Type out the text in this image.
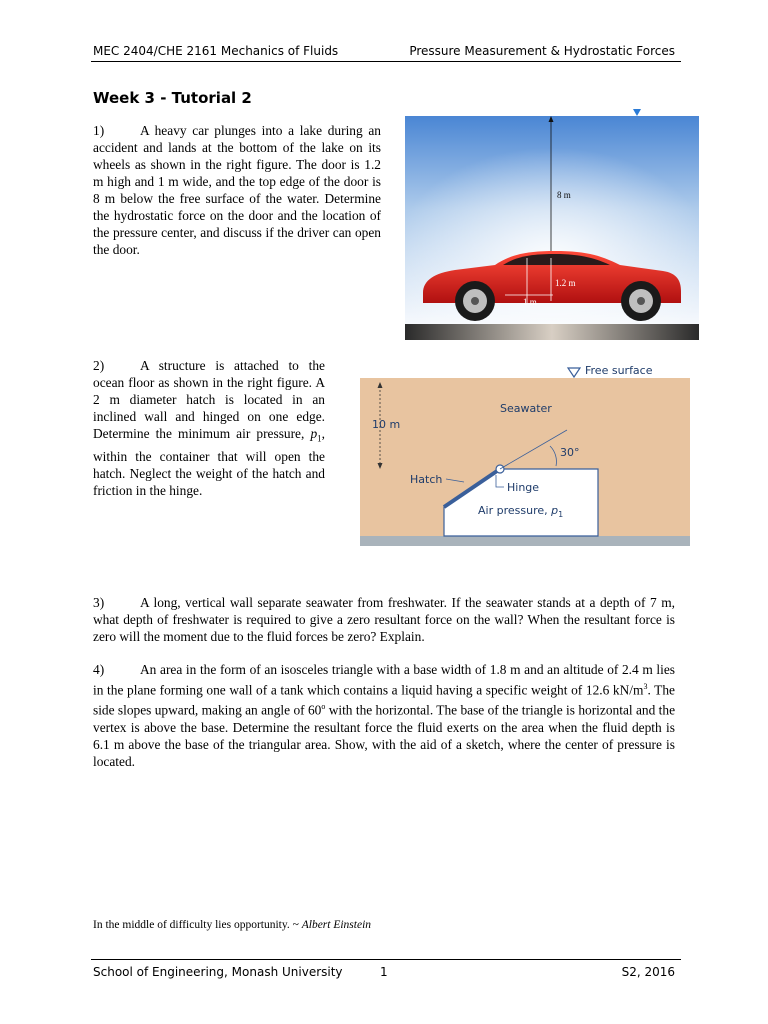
MEC 2404/CHE 2161 Mechanics of Fluids	Pressure Measurement & Hydrostatic Forces
Week 3 - Tutorial 2
1)	A heavy car plunges into a lake during an accident and lands at the bottom of the lake on its wheels as shown in the right figure. The door is 1.2 m high and 1 m wide, and the top edge of the door is 8 m below the free surface of the water. Determine the hydrostatic force on the door and the location of the pressure center, and discuss if the driver can open the door.
8 m
1.2 m
1 m
2)	A structure is attached to the ocean floor as shown in the right figure. A 2 m diameter hatch is located in an inclined wall and hinged on one edge. Determine the minimum air pressure, $p_1$, within the container that will open the hatch. Neglect the weight of the hatch and friction in the hinge.
Free surface
Seawater
10 m
30°
Hatch
Hinge
Air pressure, $p_1$
3)	A long, vertical wall separate seawater from freshwater. If the seawater stands at a depth of 7 m, what depth of freshwater is required to give a zero resultant force on the wall? When the resultant force is zero will the moment due to the fluid forces be zero? Explain.
4)	An area in the form of an isosceles triangle with a base width of 1.8 m and an altitude of 2.4 m lies in the plane forming one wall of a tank which contains a liquid having a specific weight of 12.6 $kN/m^3$. The side slopes upward, making an angle of 60$^o$ with the horizontal. The base of the triangle is horizontal and the vertex is above the base. Determine the resultant force the fluid exerts on the area when the fluid depth is 6.1 m above the base of the triangular area. Show, with the aid of a sketch, where the center of pressure is located.
In the middle of difficulty lies opportunity. ~ Albert Einstein
School of Engineering, Monash University	1	S2, 2016
